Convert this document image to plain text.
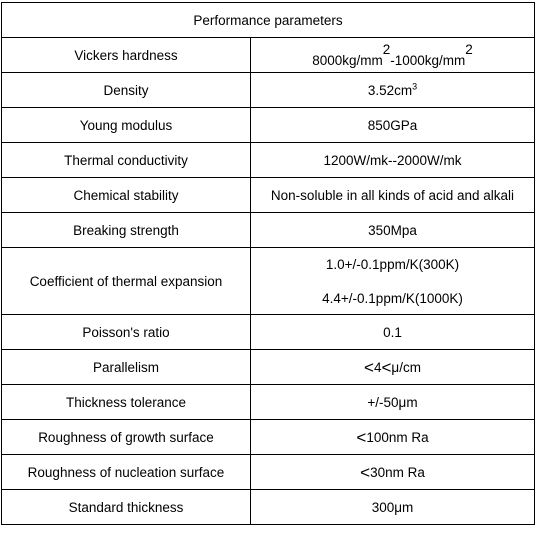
Performance parameters	
Vickers hardness	$8000kg/mm^2-1000kg/mm^2$
Density	$3.52cm^3$
Young modulus	850GPa
Thermal conductivity	1200W/mk--2000W/mk
Chemical stability	Non-soluble in all kinds of acid and alkali
Breaking strength	350Mpa
Coefficient of thermal expansion	1.0+/-0.1ppm/K(300K)
4.4+/-0.1ppm/K(1000K)

Poisson's ratio	0.1
Parallelism	<4<μ/cm
Thickness tolerance	+/-50μm
Roughness of growth surface	<100nm Ra
Roughness of nucleation surface	<30nm Ra
Standard thickness	300μm
